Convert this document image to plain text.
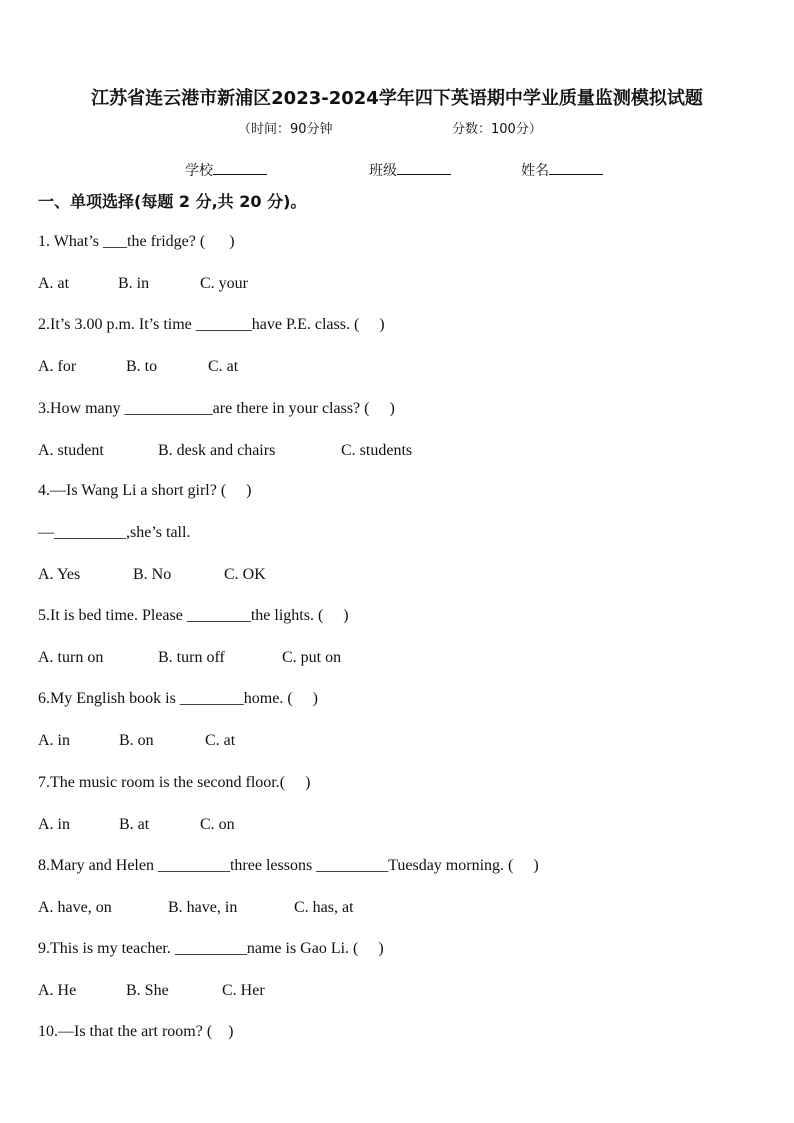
江苏省连云港市新浦区2023-2024学年四下英语期中学业质量监测模拟试题
（时间：90分钟	分数：100分）
学校	班级	姓名
一、单项选择(每题 2 分,共 20 分)。
1. What’s ___the fridge? (      )
A. at	B. in	C. your
2.It’s 3.00 p.m. It’s time _______have P.E. class. (     )
A. for	B. to	C. at
3.How many ___________are there in your class? (     )
A. student	B. desk and chairs	C. students
4.—Is Wang Li a short girl? (     )
—_________,she’s tall.
A. Yes	B. No	C. OK
5.It is bed time. Please ________the lights. (     )
A. turn on	B. turn off	C. put on
6.My English book is ________home. (     )
A. in	B. on	C. at
7.The music room is the second floor.(     )
A. in	B. at	C. on
8.Mary and Helen _________three lessons _________Tuesday morning. (     )
A. have, on	B. have, in	C. has, at
9.This is my teacher. _________name is Gao Li. (     )
A. He	B. She	C. Her
10.—Is that the art room? (    )
